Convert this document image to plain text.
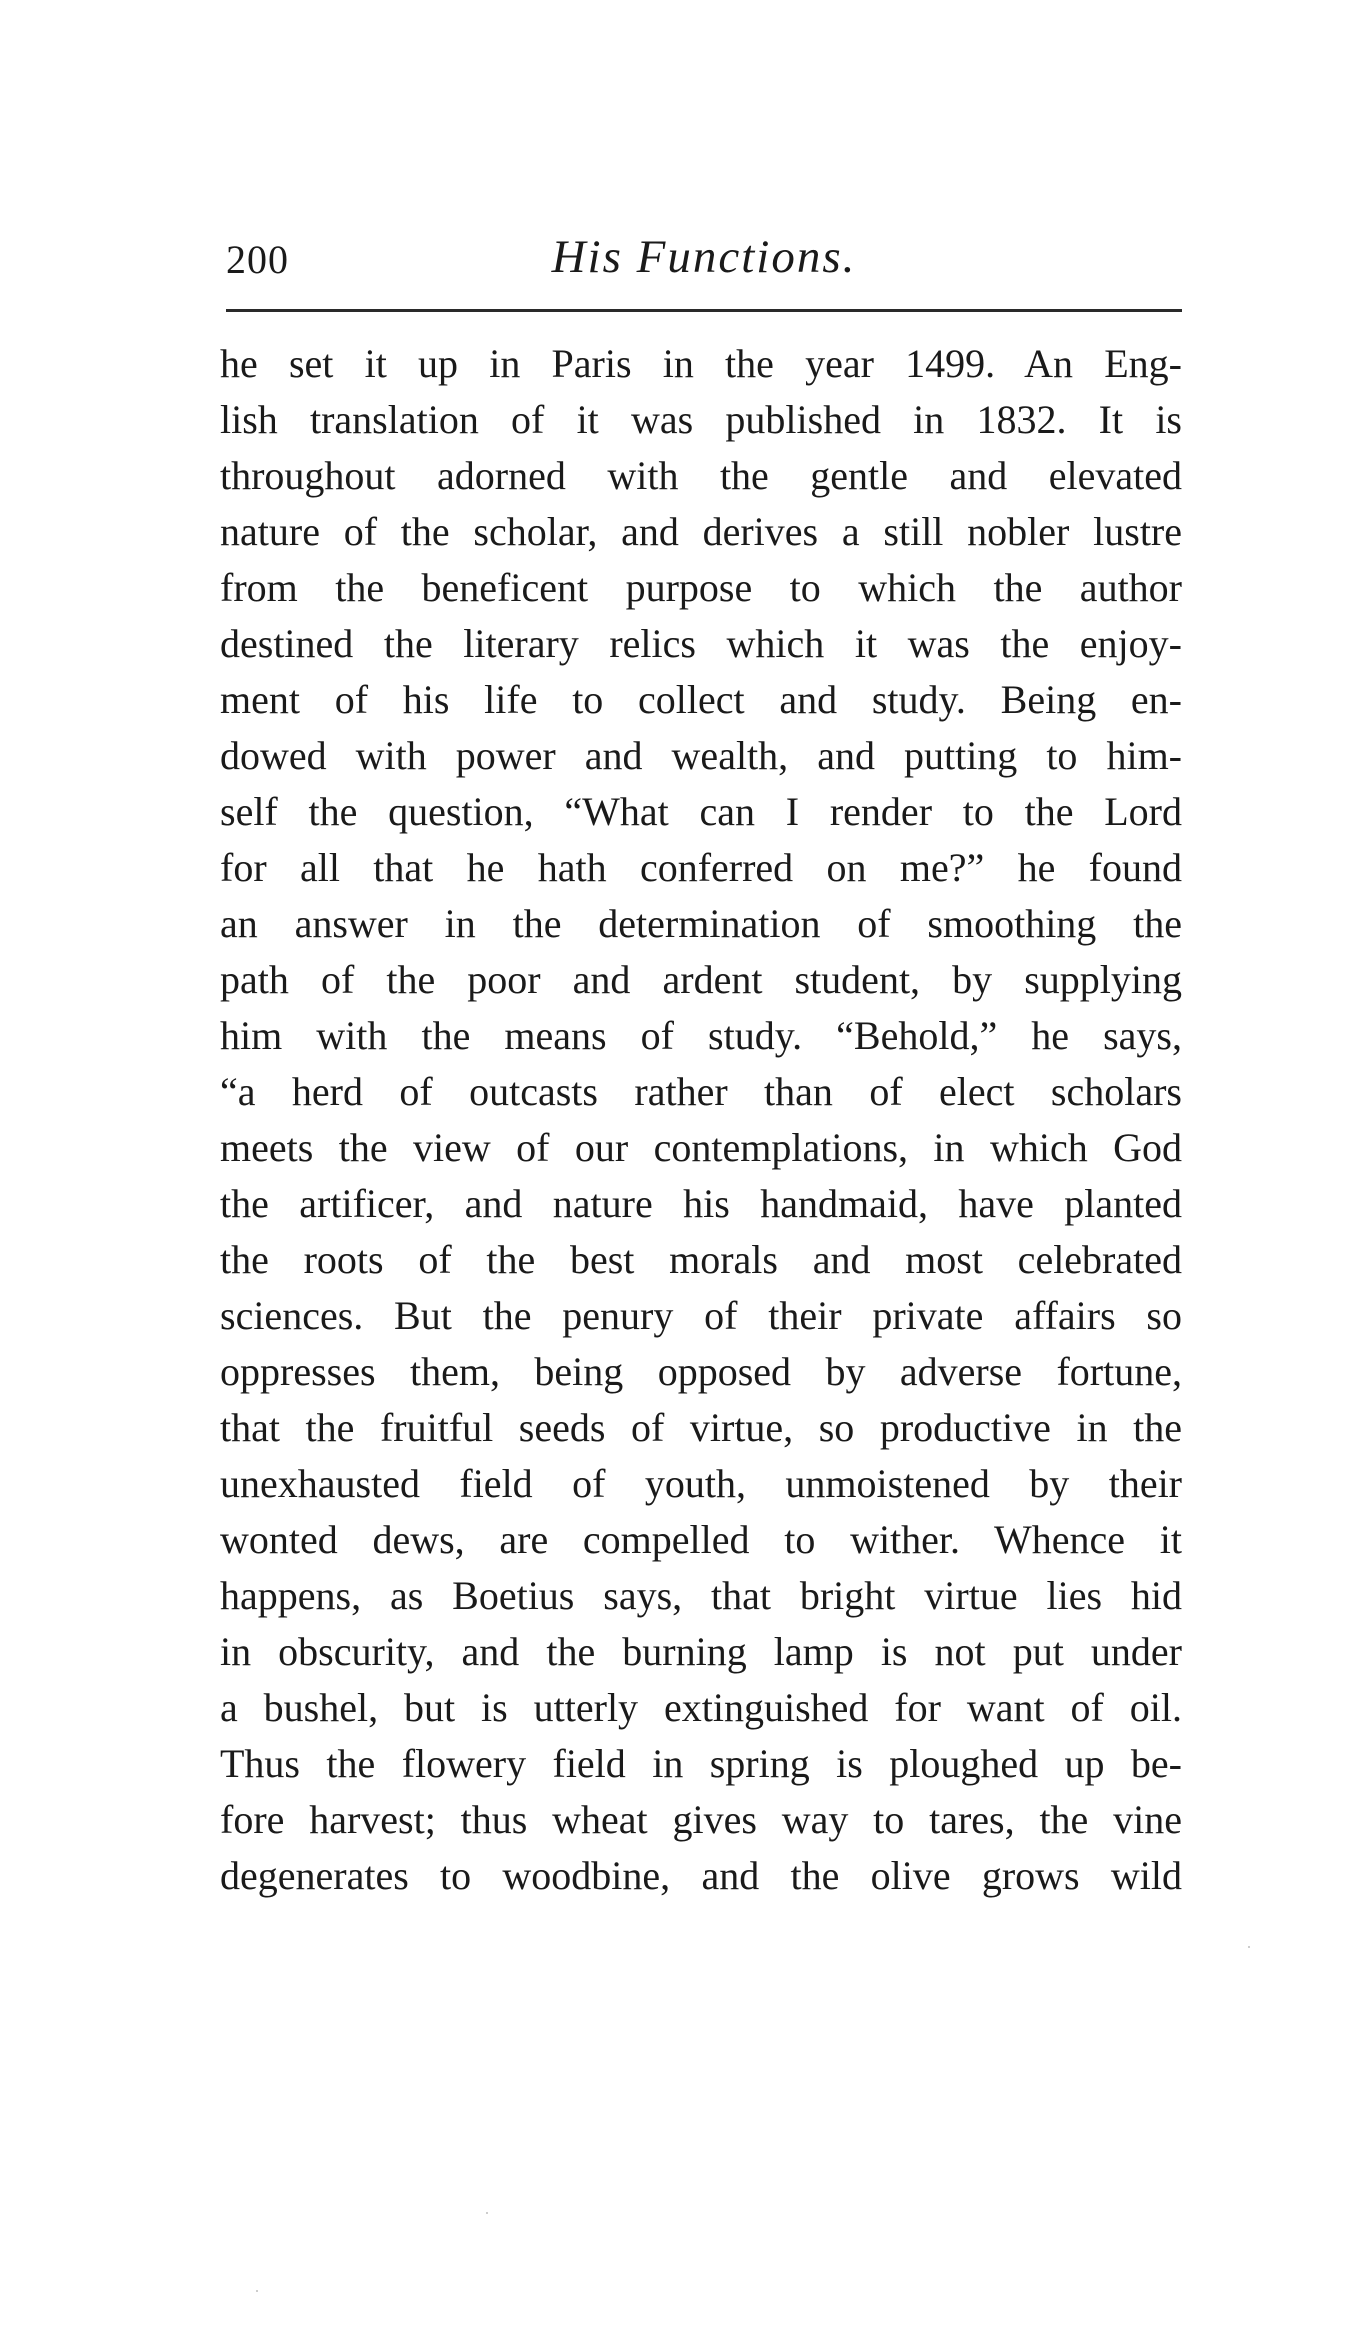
200	His Functions.
he set it up in Paris in the year 1499. An Eng-
lish translation of it was published in 1832. It is
throughout adorned with the gentle and elevated
nature of the scholar, and derives a still nobler lustre
from the beneficent purpose to which the author
destined the literary relics which it was the enjoy-
ment of his life to collect and study. Being en-
dowed with power and wealth, and putting to him-
self the question, “What can I render to the Lord
for all that he hath conferred on me?” he found
an answer in the determination of smoothing the
path of the poor and ardent student, by supplying
him with the means of study. “Behold,” he says,
“a herd of outcasts rather than of elect scholars
meets the view of our contemplations, in which God
the artificer, and nature his handmaid, have planted
the roots of the best morals and most celebrated
sciences. But the penury of their private affairs so
oppresses them, being opposed by adverse fortune,
that the fruitful seeds of virtue, so productive in the
unexhausted field of youth, unmoistened by their
wonted dews, are compelled to wither. Whence it
happens, as Boetius says, that bright virtue lies hid
in obscurity, and the burning lamp is not put under
a bushel, but is utterly extinguished for want of oil.
Thus the flowery field in spring is ploughed up be-
fore harvest; thus wheat gives way to tares, the vine
degenerates to woodbine, and the olive grows wild
